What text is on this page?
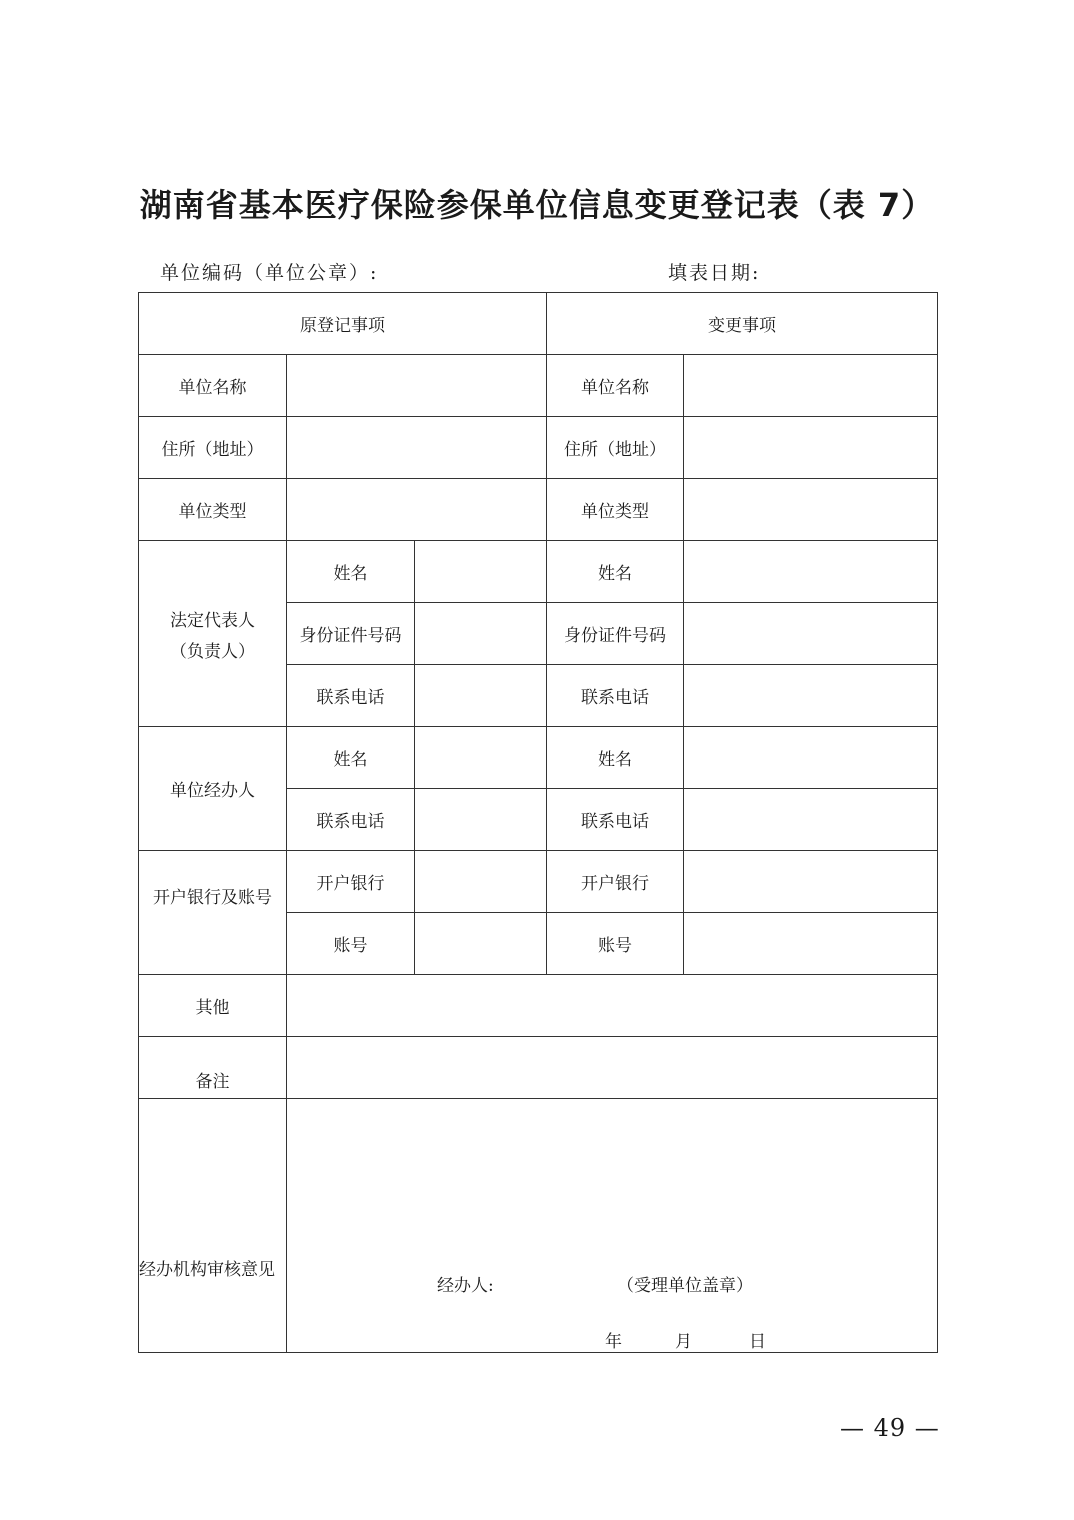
湖南省基本医疗保险参保单位信息变更登记表（表 7）
单位编码（单位公章）:	填表日期:
原登记事项			变更事项	
单位名称			单位名称	
住所（地址）			住所（地址）	
单位类型			单位类型	

法定代表人
（负责人）	姓名		姓名	
	身份证件号码		身份证件号码	
	联系电话		联系电话	
单位经办人	姓名		姓名	
	联系电话		联系电话	
开户银行及账号	开户银行		开户银行	
	账号		账号	
其他				
备注				
经办机构审核意见	经办人: （受理单位盖章）
年 月 日			
— 49 —
